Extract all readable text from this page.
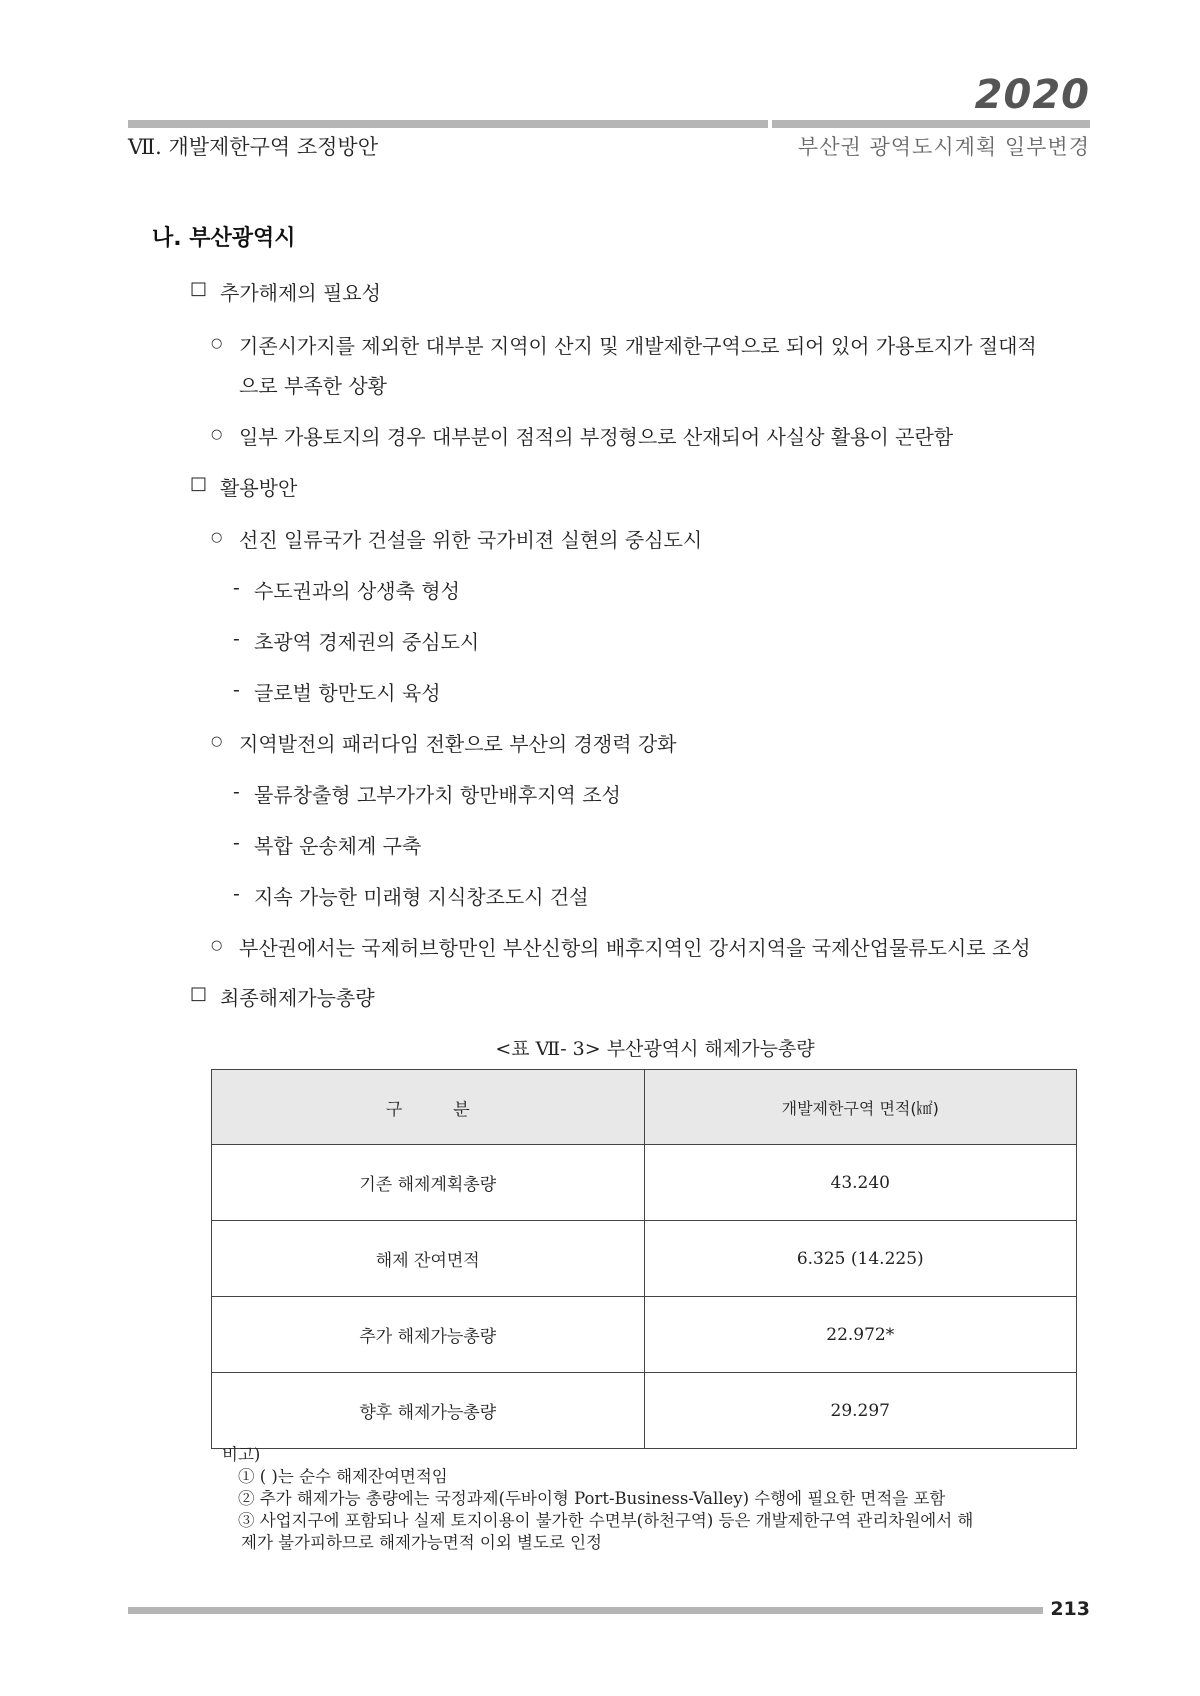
2020
Ⅶ. 개발제한구역 조정방안	부산권 광역도시계획 일부변경
나. 부산광역시
□ 추가해제의 필요성
○ 기존시가지를 제외한 대부분 지역이 산지 및 개발제한구역으로 되어 있어 가용토지가 절대적
으로 부족한 상황
○ 일부 가용토지의 경우 대부분이 점적의 부정형으로 산재되어 사실상 활용이 곤란함
□ 활용방안
○ 선진 일류국가 건설을 위한 국가비젼 실현의 중심도시
- 수도권과의 상생축 형성
- 초광역 경제권의 중심도시
- 글로벌 항만도시 육성
○ 지역발전의 패러다임 전환으로 부산의 경쟁력 강화
- 물류창출형 고부가가치 항만배후지역 조성
- 복합 운송체계 구축
- 지속 가능한 미래형 지식창조도시 건설
○ 부산권에서는 국제허브항만인 부산신항의 배후지역인 강서지역을 국제산업물류도시로 조성
□ 최종해제가능총량
<표 Ⅶ- 3> 부산광역시 해제가능총량
구　　　분	개발제한구역 면적(㎢)
기존 해제계획총량	43.240
해제 잔여면적	6.325 (14.225)
추가 해제가능총량	22.972*
향후 해제가능총량	29.297
비고)
① ( )는 순수 해제잔여면적임
② 추가 해제가능 총량에는 국정과제(두바이형 Port-Business-Valley) 수행에 필요한 면적을 포함
③ 사업지구에 포함되나 실제 토지이용이 불가한 수면부(하천구역) 등은 개발제한구역 관리차원에서 해
제가 불가피하므로 해제가능면적 이외 별도로 인정
213
